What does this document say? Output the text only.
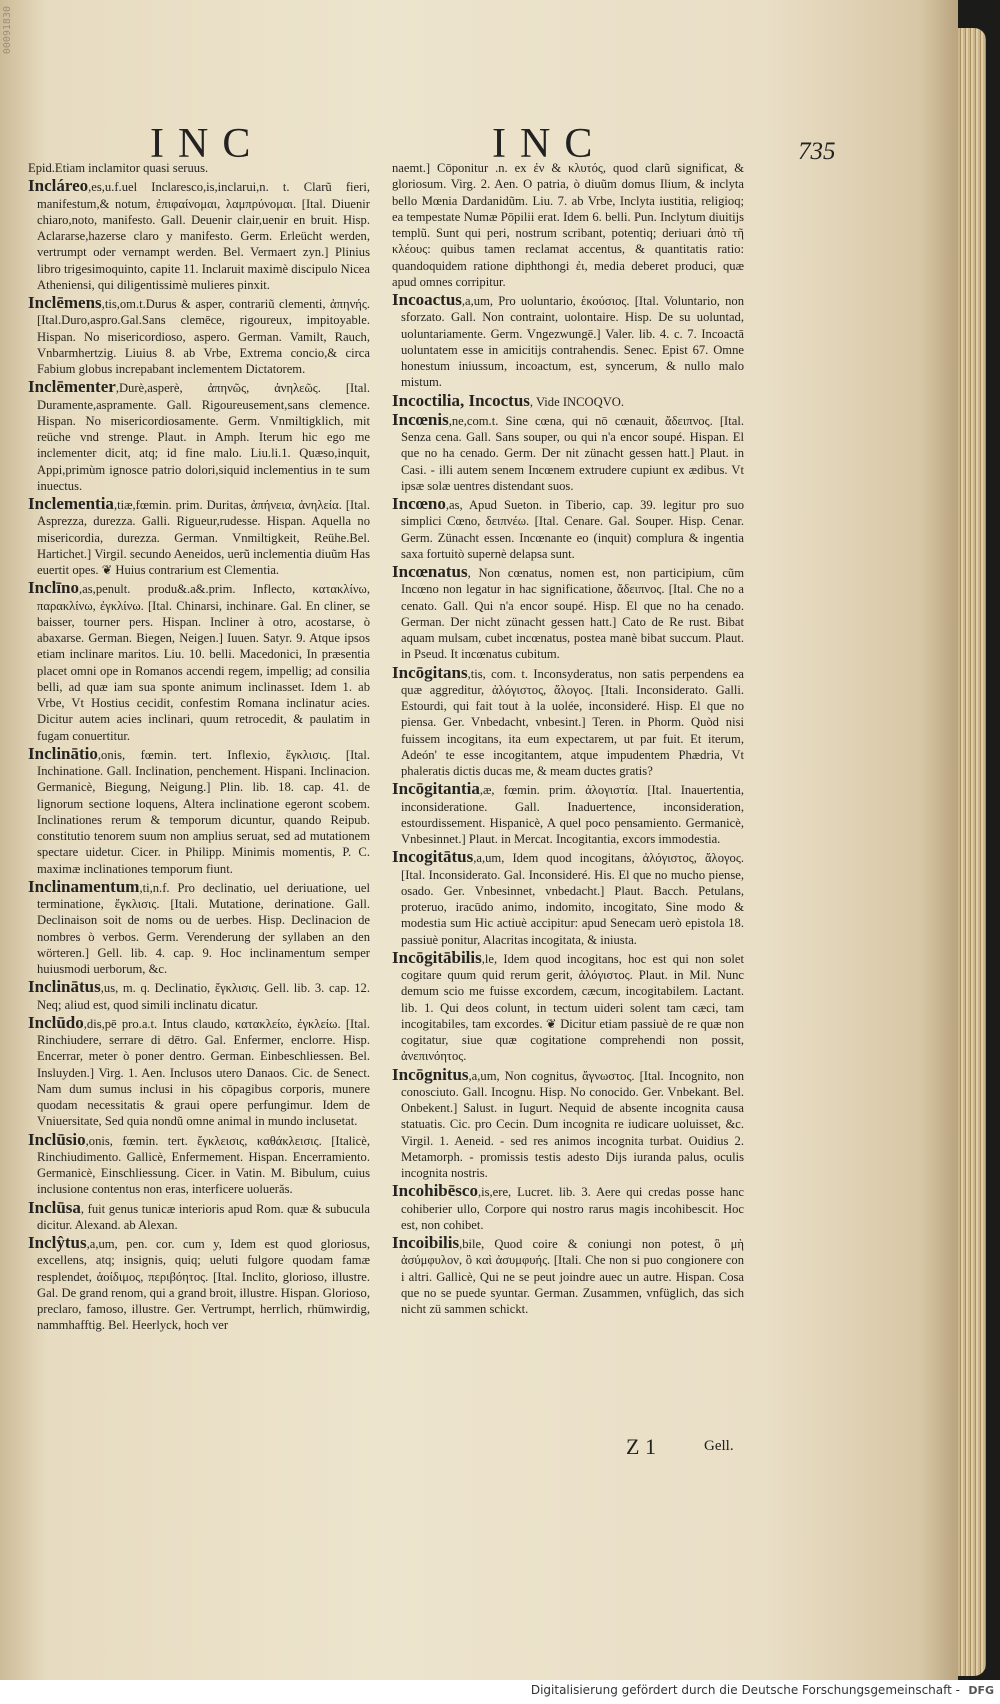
00091830
INC	INC	735

Epid.Etiam inclamitor quasi seruus.

Incláreo,es,u.f.uel Inclaresco,is,inclarui,n. t. Clarũ fieri, manifestum,& notum, ἐπιφαίνομαι, λαμπρύνομαι. [Ital. Diuenir chiaro,noto, manifesto. Gall. Deuenir clair,uenir en bruit. Hisp. Aclararse,hazerse claro y manifesto. Germ. Erleücht werden, vertrumpt oder vernampt werden. Bel. Vermaert zyn.] Plinius libro trigesimoquinto, capite 11. Inclaruit maximè discipulo Nicea Atheniensi, qui diligentissimè mulieres pinxit.

Inclēmens,tis,om.t.Durus & asper, contrariũ clementi, ἀπηνής. [Ital.Duro,aspro.Gal.Sans clemēce, rigoureux, impitoyable. Hispan. No misericordioso, aspero. German. Vamilt, Rauch, Vnbarmhertzig. Liuius 8. ab Vrbe, Extrema concio,& circa Fabium globus increpabant inclementem Dictatorem.

Inclēmenter,Durè,asperè, ἀπηνῶς, ἀνηλεῶς. [Ital. Duramente,aspramente. Gall. Rigoureusement,sans clemence. Hispan. No misericordiosamente. Germ. Vnmiltigklich, mit reüche vnd strenge. Plaut. in Amph. Iterum hic ego me inclementer dicit, atq; id fine malo. Liu.li.1. Quæso,inquit, Appi,primùm ignosce patrio dolori,siquid inclementius in te sum inuectus.

Inclementia,tiæ,fœmin. prim. Duritas, ἀπήνεια, ἀνηλεία. [Ital. Asprezza, durezza. Galli. Rigueur,rudesse. Hispan. Aquella no misericordia, durezza. German. Vnmiltigkeit, Reühe.Bel. Hartichet.] Virgil. secundo Aeneidos, uerũ inclementia diuũm Has euertit opes. ❦ Huius contrarium est Clementia.

Inclīno,as,penult. produ&.a&.prim. Inflecto, κατακλίνω, παρακλίνω, ἐγκλίνω. [Ital. Chinarsi, inchinare. Gal. En cliner, se baisser, tourner pers. Hispan. Incliner à otro, acostarse, ò abaxarse. German. Biegen, Neigen.] Iuuen. Satyr. 9. Atque ipsos etiam inclinare maritos. Liu. 10. belli. Macedonici, In præsentia placet omni ope in Romanos accendi regem, impellig; ad consilia belli, ad quæ iam sua sponte animum inclinasset. Idem 1. ab Vrbe, Vt Hostius cecidit, confestim Romana inclinatur acies. Dicitur autem acies inclinari, quum retrocedit, & paulatim in fugam conuertitur.

Inclinātio,onis, fœmin. tert. Inflexio, ἔγκλισις. [Ital. Inchinatione. Gall. Inclination, penchement. Hispani. Inclinacion. Germanicè, Biegung, Neigung.] Plin. lib. 18. cap. 41. de lignorum sectione loquens, Altera inclinatione egeront scobem. Inclinationes rerum & temporum dicuntur, quando Reipub. constitutio tenorem suum non amplius seruat, sed ad mutationem spectare uidetur. Cicer. in Philipp. Minimis momentis, P. C. maximæ inclinationes temporum fiunt.

Inclinamentum,ti,n.f. Pro declinatio, uel deriuatione, uel terminatione, ἔγκλισις. [Itali. Mutatione, derinatione. Gall. Declinaison soit de noms ou de uerbes. Hisp. Declinacion de nombres ò verbos. Germ. Verenderung der syllaben an den wörteren.] Gell. lib. 4. cap. 9. Hoc inclinamentum semper huiusmodi uerborum, &c.

Inclinātus,us, m. q. Declinatio, ἔγκλισις. Gell. lib. 3. cap. 12. Neq; aliud est, quod simili inclinatu dicatur.

Inclūdo,dis,pē pro.a.t. Intus claudo, κατακλείω, ἐγκλείω. [Ital. Rinchiudere, serrare di dētro. Gal. Enfermer, enclorre. Hisp. Encerrar, meter ò poner dentro. German. Einbeschliessen. Bel. Insluyden.] Virg. 1. Aen. Inclusos utero Danaos. Cic. de Senect. Nam dum sumus inclusi in his cōpagibus corporis, munere quodam necessitatis & graui opere perfungimur. Idem de Vniuersitate, Sed quia nondũ omne animal in mundo inclusetat.

Inclūsio,onis, fœmin. tert. ἔγκλεισις, καθάκλεισις. [Italicè, Rinchiudimento. Gallicè, Enfermement. Hispan. Encerramiento. Germanicè, Einschliessung. Cicer. in Vatin. M. Bibulum, cuius inclusione contentus non eras, interficere uoluerăs.

Inclūsa, fuit genus tunicæ interioris apud Rom. quæ & subucula dicitur. Alexand. ab Alexan.

Inclŷtus,a,um, pen. cor. cum y, Idem est quod gloriosus, excellens, atq; insignis, quiq; ueluti fulgore quodam famæ resplendet, ἀοίδιμος, περιβόητος. [Ital. Inclito, glorioso, illustre. Gal. De grand renom, qui a grand broit, illustre. Hispan. Glorioso, preclaro, famoso, illustre. Ger. Vertrumpt, herrlich, rhümwirdig, nammhafftig. Bel. Heerlyck, hoch ver

naemt.] Cōponitur .n. ex ἐν & κλυτός, quod clarũ significat, & gloriosum. Virg. 2. Aen. O patria, ò diuũm domus Ilium, & inclyta bello Mœnia Dardanidũm. Liu. 7. ab Vrbe, Inclyta iustitia, religioq; ea tempestate Numæ Pōpilii erat. Idem 6. belli. Pun. Inclytum diuitijs templũ. Sunt qui peri, nostrum scribant, potentiq; deriuari ἀπὸ τῆ κλέους: quibus tamen reclamat accentus, & quantitatis ratio: quandoquidem ratione diphthongi ἐι, media deberet produci, quæ apud omnes corripitur.

Incoactus,a,um, Pro uoluntario, ἑκούσιος. [Ital. Voluntario, non sforzato. Gall. Non contraint, uolontaire. Hisp. De su uoluntad, uoluntariamente. Germ. Vngezwungē.] Valer. lib. 4. c. 7. Incoactā uoluntatem esse in amicitijs contrahendis. Senec. Epist 67. Omne honestum iniussum, incoactum, est, syncerum, & nullo malo mistum.

Incoctilia, Incoctus, Vide INCOQVO.

Incœnis,ne,com.t. Sine cœna, qui nō cœnauit, ἄδειπνος. [Ital. Senza cena. Gall. Sans souper, ou qui n'a encor soupé. Hispan. El que no ha cenado. Germ. Der nit zünacht gessen hatt.] Plaut. in Casi. - illi autem senem Incœnem extrudere cupiunt ex ædibus. Vt ipsæ solæ uentres distendant suos.

Incœno,as, Apud Sueton. in Tiberio, cap. 39. legitur pro suo simplici Cœno, δειπνέω. [Ital. Cenare. Gal. Souper. Hisp. Cenar. Germ. Zünacht essen. Incœnante eo (inquit) complura & ingentia saxa fortuitò supernè delapsa sunt.

Incœnatus, Non cœnatus, nomen est, non participium, cũm Incœno non legatur in hac significatione, ἄδειπνος. [Ital. Che no a cenato. Gall. Qui n'a encor soupé. Hisp. El que no ha cenado. German. Der nicht zünacht gessen hatt.] Cato de Re rust. Bibat aquam mulsam, cubet incœnatus, postea manè bibat succum. Plaut. in Pseud. It incœnatus cubitum.

Incōgitans,tis, com. t. Inconsyderatus, non satis perpendens ea quæ aggreditur, ἀλόγιστος, ἄλογος. [Itali. Inconsiderato. Galli. Estourdi, qui fait tout à la uolée, inconsideré. Hisp. El que no piensa. Ger. Vnbedacht, vnbesint.] Teren. in Phorm. Quòd nisi fuissem incogitans, ita eum expectarem, ut par fuit. Et iterum, Adeón' te esse incogitantem, atque impudentem Phædria, Vt phaleratis dictis ducas me, & meam ductes gratis?

Incōgitantia,æ, fœmin. prim. ἀλογιστία. [Ital. Inauertentia, inconsideratione. Gall. Inaduertence, inconsideration, estourdissement. Hispanicè, A quel poco pensamiento. Germanicè, Vnbesinnet.] Plaut. in Mercat. Incogitantia, excors immodestia.

Incogitātus,a,um, Idem quod incogitans, ἀλόγιστος, ἄλογος. [Ital. Inconsiderato. Gal. Inconsideré. His. El que no mucho piense, osado. Ger. Vnbesinnet, vnbedacht.] Plaut. Bacch. Petulans, proteruo, iracūdo animo, indomito, incogitato, Sine modo & modestia sum Hic actiuè accipitur: apud Senecam uerò epistola 18. passiuè ponitur, Alacritas incogitata, & iniusta.

Incōgitābilis,le, Idem quod incogitans, hoc est qui non solet cogitare quum quid rerum gerit, ἀλόγιστος. Plaut. in Mil. Nunc demum scio me fuisse excordem, cæcum, incogitabilem. Lactant. lib. 1. Qui deos colunt, in tectum uideri solent tam cæci, tam incogitabiles, tam excordes. ❦ Dicitur etiam passiuè de re quæ non cogitatur, siue quæ cogitatione comprehendi non possit, ἀνεπινόητος.

Incōgnitus,a,um, Non cognitus, ἄγνωστος. [Ital. Incognito, non conosciuto. Gall. Incognu. Hisp. No conocido. Ger. Vnbekant. Bel. Onbekent.] Salust. in Iugurt. Nequid de absente incognita causa statuatis. Cic. pro Cecin. Dum incognita re iudicare uoluisset, &c. Virgil. 1. Aeneid. - sed res animos incognita turbat. Ouidius 2. Metamorph. - promissis testis adesto Dijs iuranda palus, oculis incognita nostris.

Incohibēsco,is,ere, Lucret. lib. 3. Aere qui credas posse hanc cohiberier ullo, Corpore qui nostro rarus magis incohibescit. Hoc est, non cohibet.

Incoibilis,bile, Quod coire & coniungi non potest, ὃ μὴ ἀσύμφυλον, ὃ καὶ ἀσυμφυής. [Itali. Che non si puo congionere con i altri. Gallicè, Qui ne se peut joindre auec un autre. Hispan. Cosa que no se puede syuntar. German. Zusammen, vnfüglich, das sich nicht zü sammen schickt.

Z 1	Gell.
Digitalisierung gefördert durch die Deutsche Forschungsgemeinschaft - DFG
